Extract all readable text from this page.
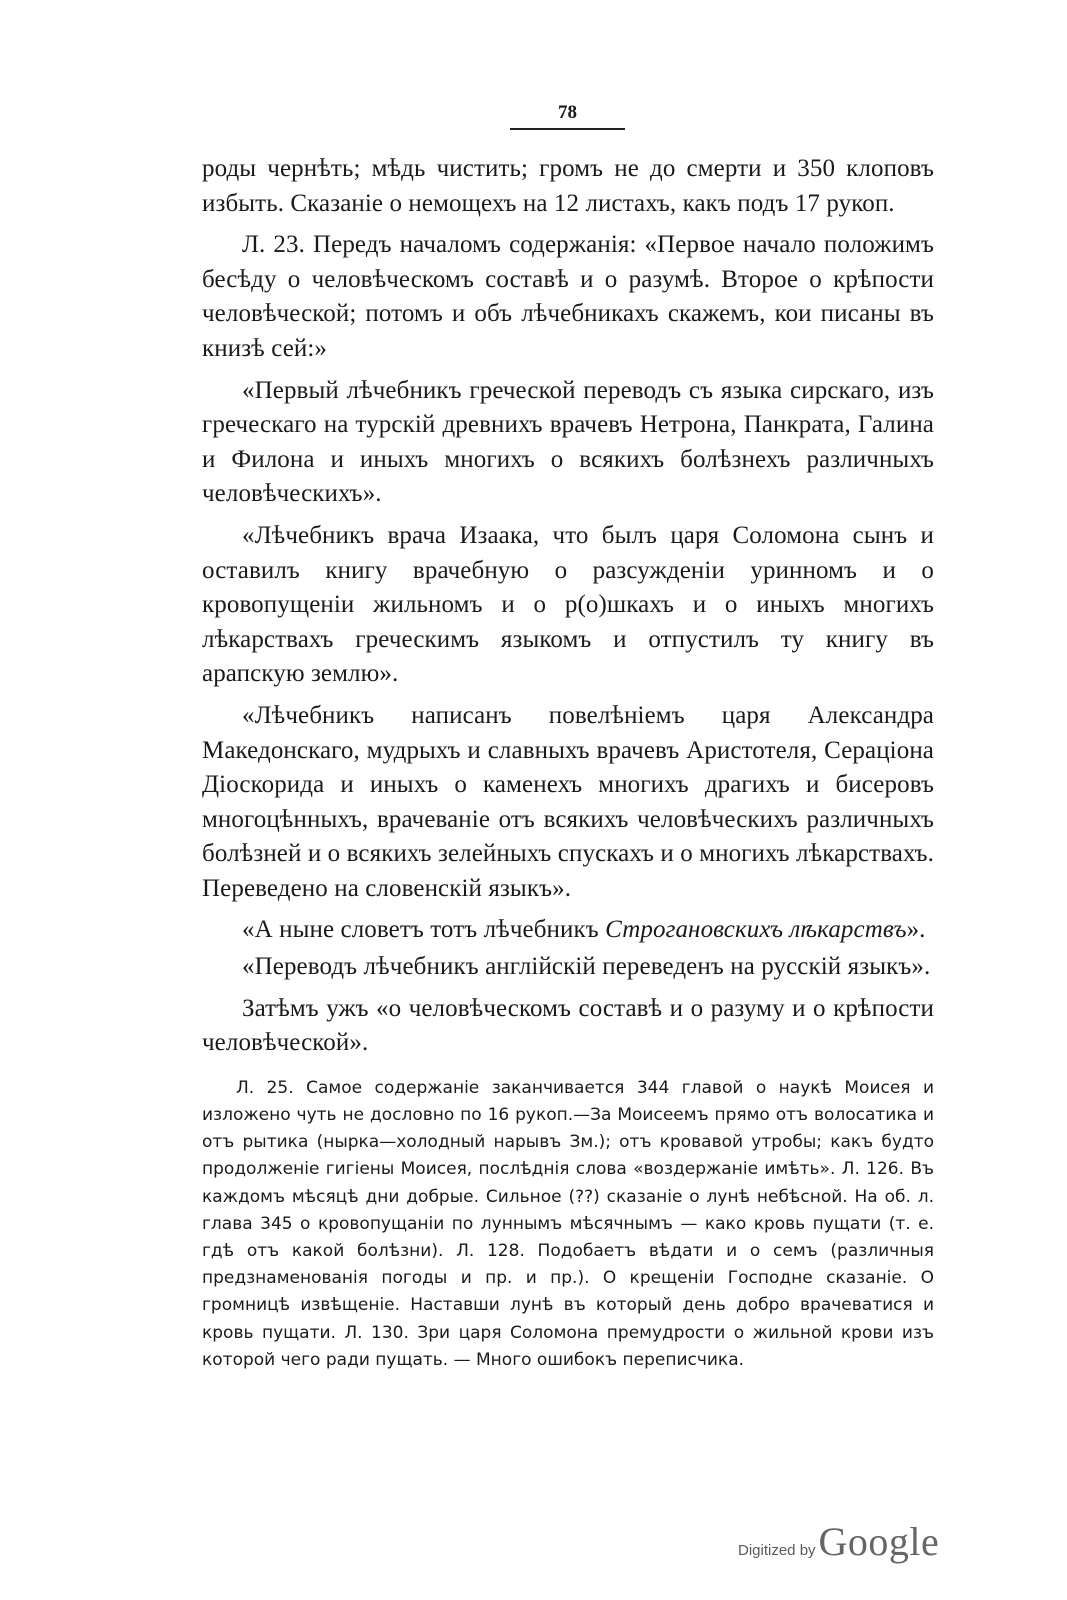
78

роды чернѣть; мѣдь чистить; громъ не до смерти и 350 клоповъ избыть. Сказаніе о немощехъ на 12 листахъ, какъ подъ 17 рукоп.

Л. 23. Передъ началомъ содержанія: «Первое начало положимъ бесѣду о человѣческомъ составѣ и о разумѣ. Второе о крѣпости человѣческой; потомъ и объ лѣчебникахъ скажемъ, кои писаны въ книзѣ сей:»

«Первый лѣчебникъ греческой переводъ съ языка сирскаго, изъ греческаго на турскій древнихъ врачевъ Нетрона, Панкрата, Галина и Филона и иныхъ многихъ о всякихъ болѣзнехъ различныхъ человѣческихъ».

«Лѣчебникъ врача Изаака, что былъ царя Соломона сынъ и оставилъ книгу врачебную о разсужденіи уринномъ и о кровопущеніи жильномъ и о р(о)шкахъ и о иныхъ многихъ лѣкарствахъ греческимъ языкомъ и отпустилъ ту книгу въ арапскую землю».

«Лѣчебникъ написанъ повелѣніемъ царя Александра Македонскаго, мудрыхъ и славныхъ врачевъ Аристотеля, Сераціона Діоскорида и иныхъ о каменехъ многихъ драгихъ и бисеровъ многоцѣнныхъ, врачеваніе отъ всякихъ человѣческихъ различныхъ болѣзней и о всякихъ зелейныхъ спускахъ и о многихъ лѣкарствахъ. Переведено на словенскій языкъ».

«А ныне словетъ тотъ лѣчебникъ Строгановскихъ лѣкарствъ».

«Переводъ лѣчебникъ англійскій переведенъ на русскій языкъ».

Затѣмъ ужъ «о человѣческомъ составѣ и о разуму и о крѣпости человѣческой».

Л. 25. Самое содержаніе заканчивается 344 главой о наукѣ Моисея и изложено чуть не дословно по 16 рукоп.—За Моисеемъ прямо отъ волосатика и отъ рытика (нырка—холодный нарывъ Зм.); отъ кровавой утробы; какъ будто продолженіе гигіены Моисея, послѣднія слова «воздержаніе имѣть». Л. 126. Въ каждомъ мѣсяцѣ дни добрые. Сильное (??) сказаніе о лунѣ небѣсной. На об. л. глава 345 о кровопущаніи по луннымъ мѣсячнымъ — како кровь пущати (т. е. гдѣ отъ какой болѣзни). Л. 128. Подобаетъ вѣдати и о семъ (различныя предзнаменованія погоды и пр. и пр.). О крещеніи Господне сказаніе. О громницѣ извѣщеніе. Наставши лунѣ въ который день добро врачеватися и кровь пущати. Л. 130. Зри царя Соломона премудрости о жильной крови изъ которой чего ради пущать. — Много ошибокъ переписчика.

Digitized by Google
